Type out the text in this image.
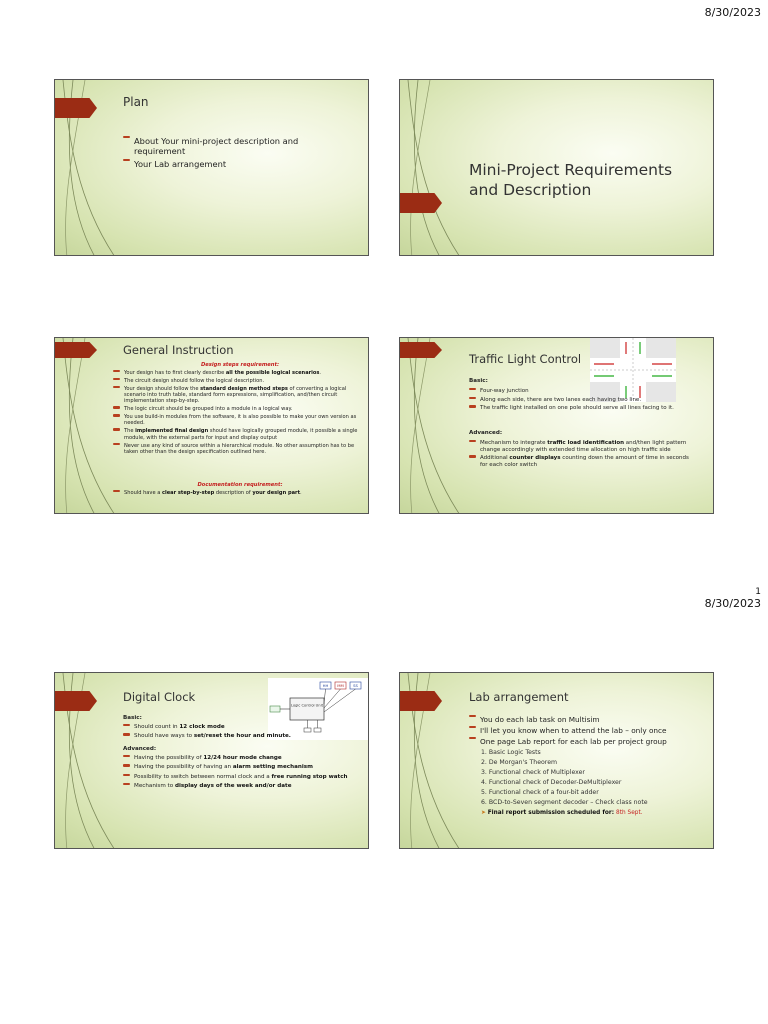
8/30/2023
Plan
About Your mini-project description and requirement
Your Lab arrangement	Mini-Project Requirements
and Description
General Instruction
Design steps requirement:
Your design has to first clearly describe all the possible logical scenarios.
The circuit design should follow the logical description.
Your design should follow the standard design method steps of converting a logical scenario into truth table, standard form expressions, simplification, and/then circuit implementation step-by-step.
The logic circuit should be grouped into a module in a logical way.
You use build-in modules from the software, it is also possible to make your own version as needed.
The implemented final design should have logically grouped module, it possible a single module, with the external parts for input and display output
Never use any kind of source within a hierarchical module. No other assumption has to be taken other than the design specification outlined here.
Documentation requirement:
Should have a clear step-by-step description of your design part.
Traffic Light Control
Basic:
Four-way junction
Along each side, there are two lanes each having two line.
The traffic light installed on one pole should serve all lines facing to it.
Advanced:
Mechanism to integrate traffic load identification and/then light pattern change accordingly with extended time allocation on high traffic side
Additional counter displays counting down the amount of time in seconds for each color switch
1
8/30/2023
Digital Clock
Logic Control Unit
HH MM SS
Basic:
Should count in 12 clock mode
Should have ways to set/reset the hour and minute.
Advanced:
Having the possibility of 12/24 hour mode change
Having the possibility of having an alarm setting mechanism
Possibility to switch between normal clock and a free running stop watch
Mechanism to display days of the week and/or date
Lab arrangement
You do each lab task on Multisim
I'll let you know when to attend the lab – only once
One page Lab report for each lab per project group
1. Basic Logic Tests
2. De Morgan's Theorem
3. Functional check of Multiplexer
4. Functional check of Decoder-DeMultiplexer
5. Functional check of a four-bit adder
6. BCD-to-Seven segment decoder – Check class note
➤ Final report submission scheduled for: 8th Sept.
